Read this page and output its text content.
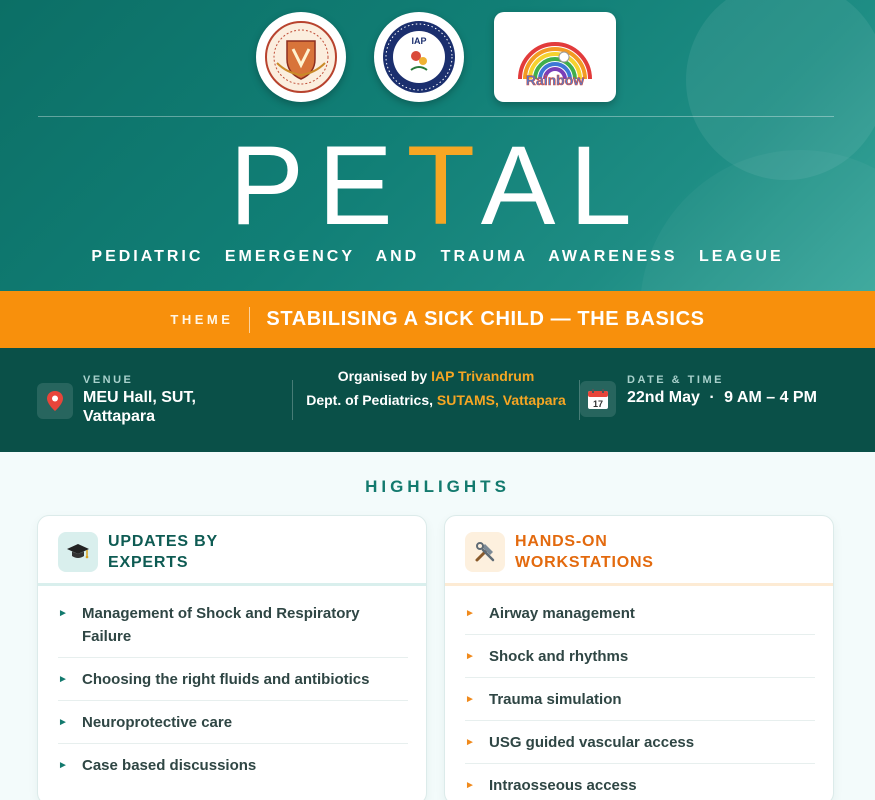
IAP
Rainbow
PETAL
PEDIATRIC EMERGENCY AND TRAUMA AWARENESS LEAGUE
THEME	STABILISING A SICK CHILD — THE BASICS
VENUE
MEU Hall, SUT, Vattapara
Organised by IAP Trivandrum
Dept. of Pediatrics, SUTAMS, Vattapara	17
DATE & TIME
22nd May · 9 AM – 4 PM
HIGHLIGHTS
UPDATES BY
EXPERTS
► Management of Shock and Respiratory Failure
► Choosing the right fluids and antibiotics
► Neuroprotective care
► Case based discussions
HANDS-ON
WORKSTATIONS
► Airway management
► Shock and rhythms
► Trauma simulation
► USG guided vascular access
► Intraosseous access
